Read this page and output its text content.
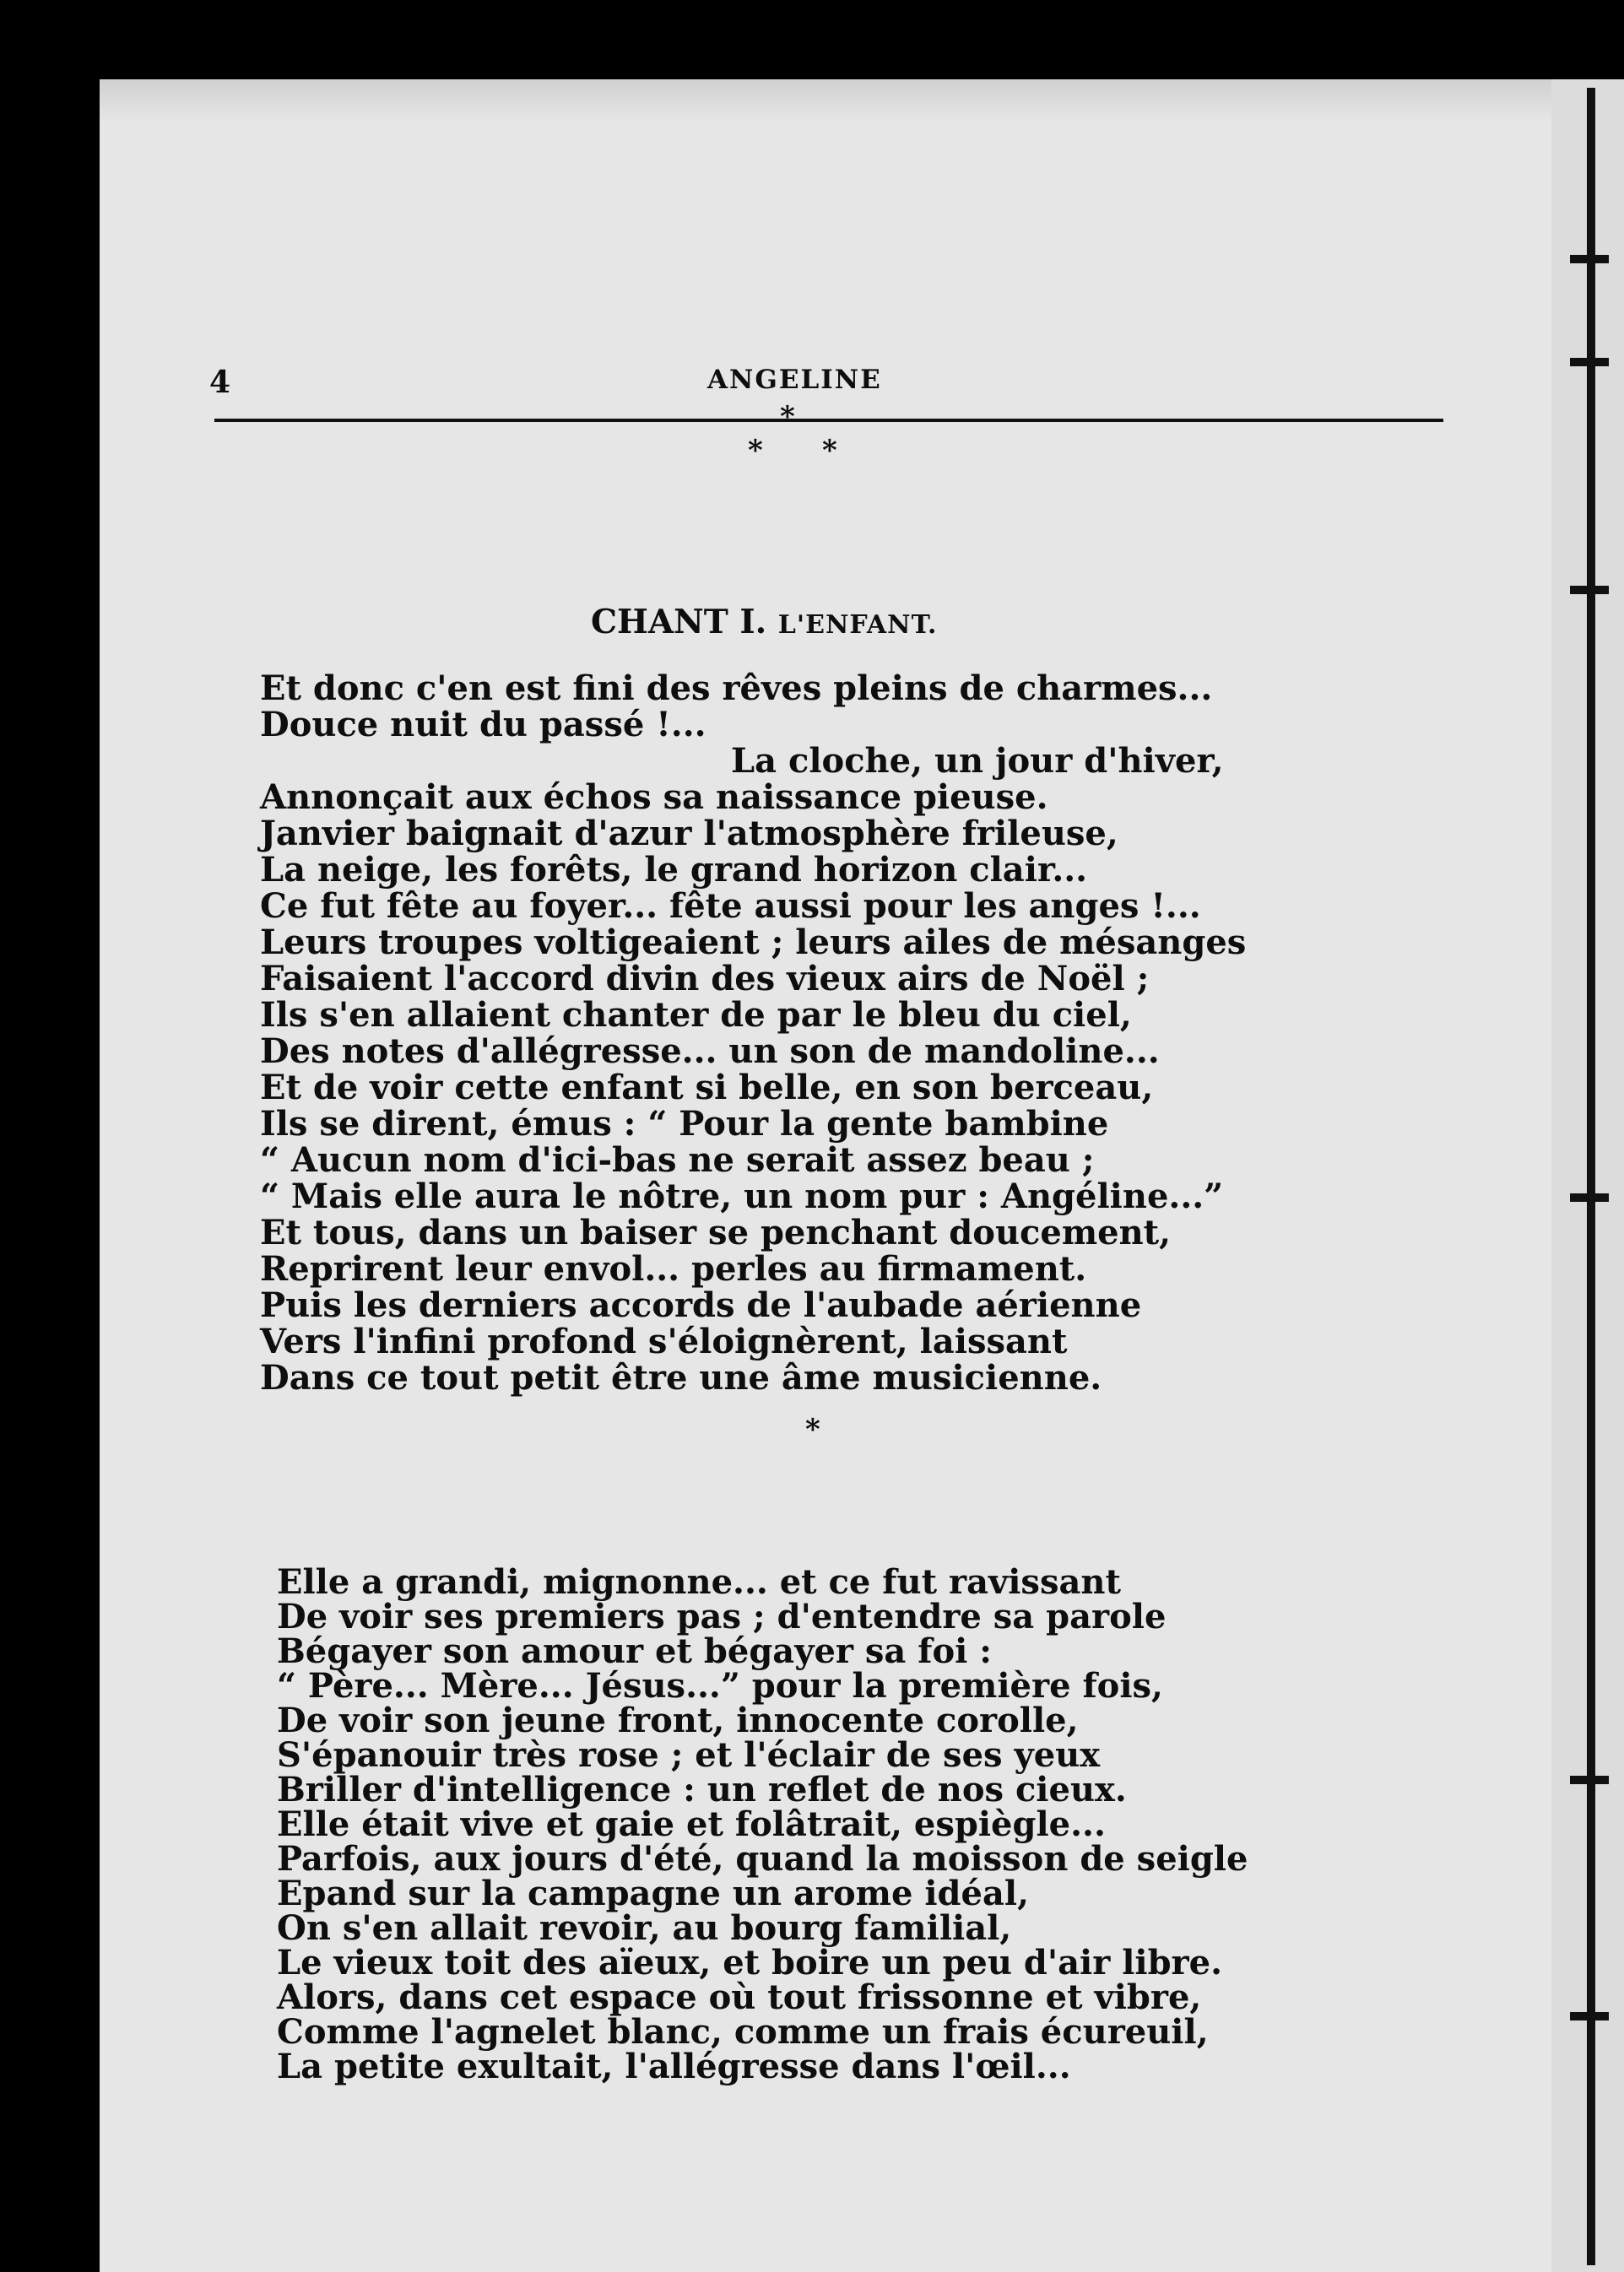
4	ANGELINE
*
* *
CHANT I. L'ENFANT.
Et donc c'en est fini des rêves pleins de charmes...
Douce nuit du passé !...
La cloche, un jour d'hiver,
Annonçait aux échos sa naissance pieuse.
Janvier baignait d'azur l'atmosphère frileuse,
La neige, les forêts, le grand horizon clair...
Ce fut fête au foyer... fête aussi pour les anges !...
Leurs troupes voltigeaient ; leurs ailes de mésanges
Faisaient l'accord divin des vieux airs de Noël ;
Ils s'en allaient chanter de par le bleu du ciel,
Des notes d'allégresse... un son de mandoline...
Et de voir cette enfant si belle, en son berceau,
Ils se dirent, émus : “ Pour la gente bambine
“ Aucun nom d'ici-bas ne serait assez beau ;
“ Mais elle aura le nôtre, un nom pur : Angéline...”
Et tous, dans un baiser se penchant doucement,
Reprirent leur envol... perles au firmament.
Puis les derniers accords de l'aubade aérienne
Vers l'infini profond s'éloignèrent, laissant
Dans ce tout petit être une âme musicienne.
*
Elle a grandi, mignonne... et ce fut ravissant
De voir ses premiers pas ; d'entendre sa parole
Bégayer son amour et bégayer sa foi :
“ Père... Mère... Jésus...” pour la première fois,
De voir son jeune front, innocente corolle,
S'épanouir très rose ; et l'éclair de ses yeux
Briller d'intelligence : un reflet de nos cieux.
Elle était vive et gaie et folâtrait, espiègle...
Parfois, aux jours d'été, quand la moisson de seigle
Epand sur la campagne un arome idéal,
On s'en allait revoir, au bourg familial,
Le vieux toit des aïeux, et boire un peu d'air libre.
Alors, dans cet espace où tout frissonne et vibre,
Comme l'agnelet blanc, comme un frais écureuil,
La petite exultait, l'allégresse dans l'œil...
